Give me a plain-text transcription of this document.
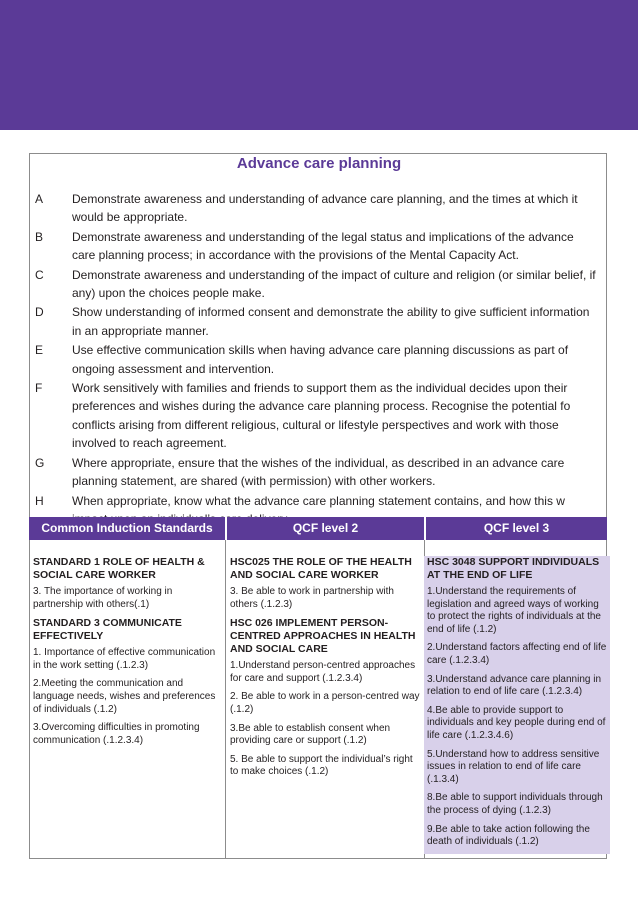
Advance care planning
A Demonstrate awareness and understanding of advance care planning, and the times at which it would be appropriate.
B Demonstrate awareness and understanding of the legal status and implications of the advance care planning process; in accordance with the provisions of the Mental Capacity Act.
C Demonstrate awareness and understanding of the impact of culture and religion (or similar belief, if any) upon the choices people make.
D Show understanding of informed consent and demonstrate the ability to give sufficient information in an appropriate manner.
E Use effective communication skills when having advance care planning discussions as part of ongoing assessment and intervention.
F Work sensitively with families and friends to support them as the individual decides upon their preferences and wishes during the advance care planning process. Recognise the potential fo conflicts arising from different religious, cultural or lifestyle perspectives and work with those involved to reach agreement.
G Where appropriate, ensure that the wishes of the individual, as described in an advance care planning statement, are shared (with permission) with other workers.
H When appropriate, know what the advance care planning statement contains, and how this w
Common Induction Standards	QCF level 2	QCF level 3

STANDARD 1 ROLE OF HEALTH & SOCIAL CARE WORKER

3. The importance of working in partnership with others(.1)

STANDARD 3 COMMUNICATE EFFECTIVELY

1. Importance of effective communication in the work setting (.1.2.3)

2.Meeting the communication and language needs, wishes and preferences of individuals (.1.2)

3.Overcoming difficulties in promoting communication (.1.2.3.4)

HSC025 THE ROLE OF THE HEALTH AND SOCIAL CARE WORKER

3. Be able to work in partnership with others (.1.2.3)

HSC 026 IMPLEMENT PERSON-CENTRED APPROACHES IN HEALTH AND SOCIAL CARE

1.Understand person-centred approaches for care and support (.1.2.3.4)

2. Be able to work in a person-centred way (.1.2)

3.Be able to establish consent when providing care or support (.1.2)

5. Be able to support the individual’s right to make choices (.1.2)

HSC 3048 SUPPORT INDIVIDUALS AT THE END OF LIFE

1.Understand the requirements of legislation and agreed ways of working to protect the rights of individuals at the end of life (.1.2)

2.Understand factors affecting end of life care (.1.2.3.4)

3.Understand advance care planning in relation to end of life care (.1.2.3.4)

4.Be able to provide support to individuals and key people during end of life care (.1.2.3.4.6)

5.Understand how to address sensitive issues in relation to end of life care (.1.3.4)

8.Be able to support individuals through the process of dying (.1.2.3)

9.Be able to take action following the death of individuals (.1.2)
